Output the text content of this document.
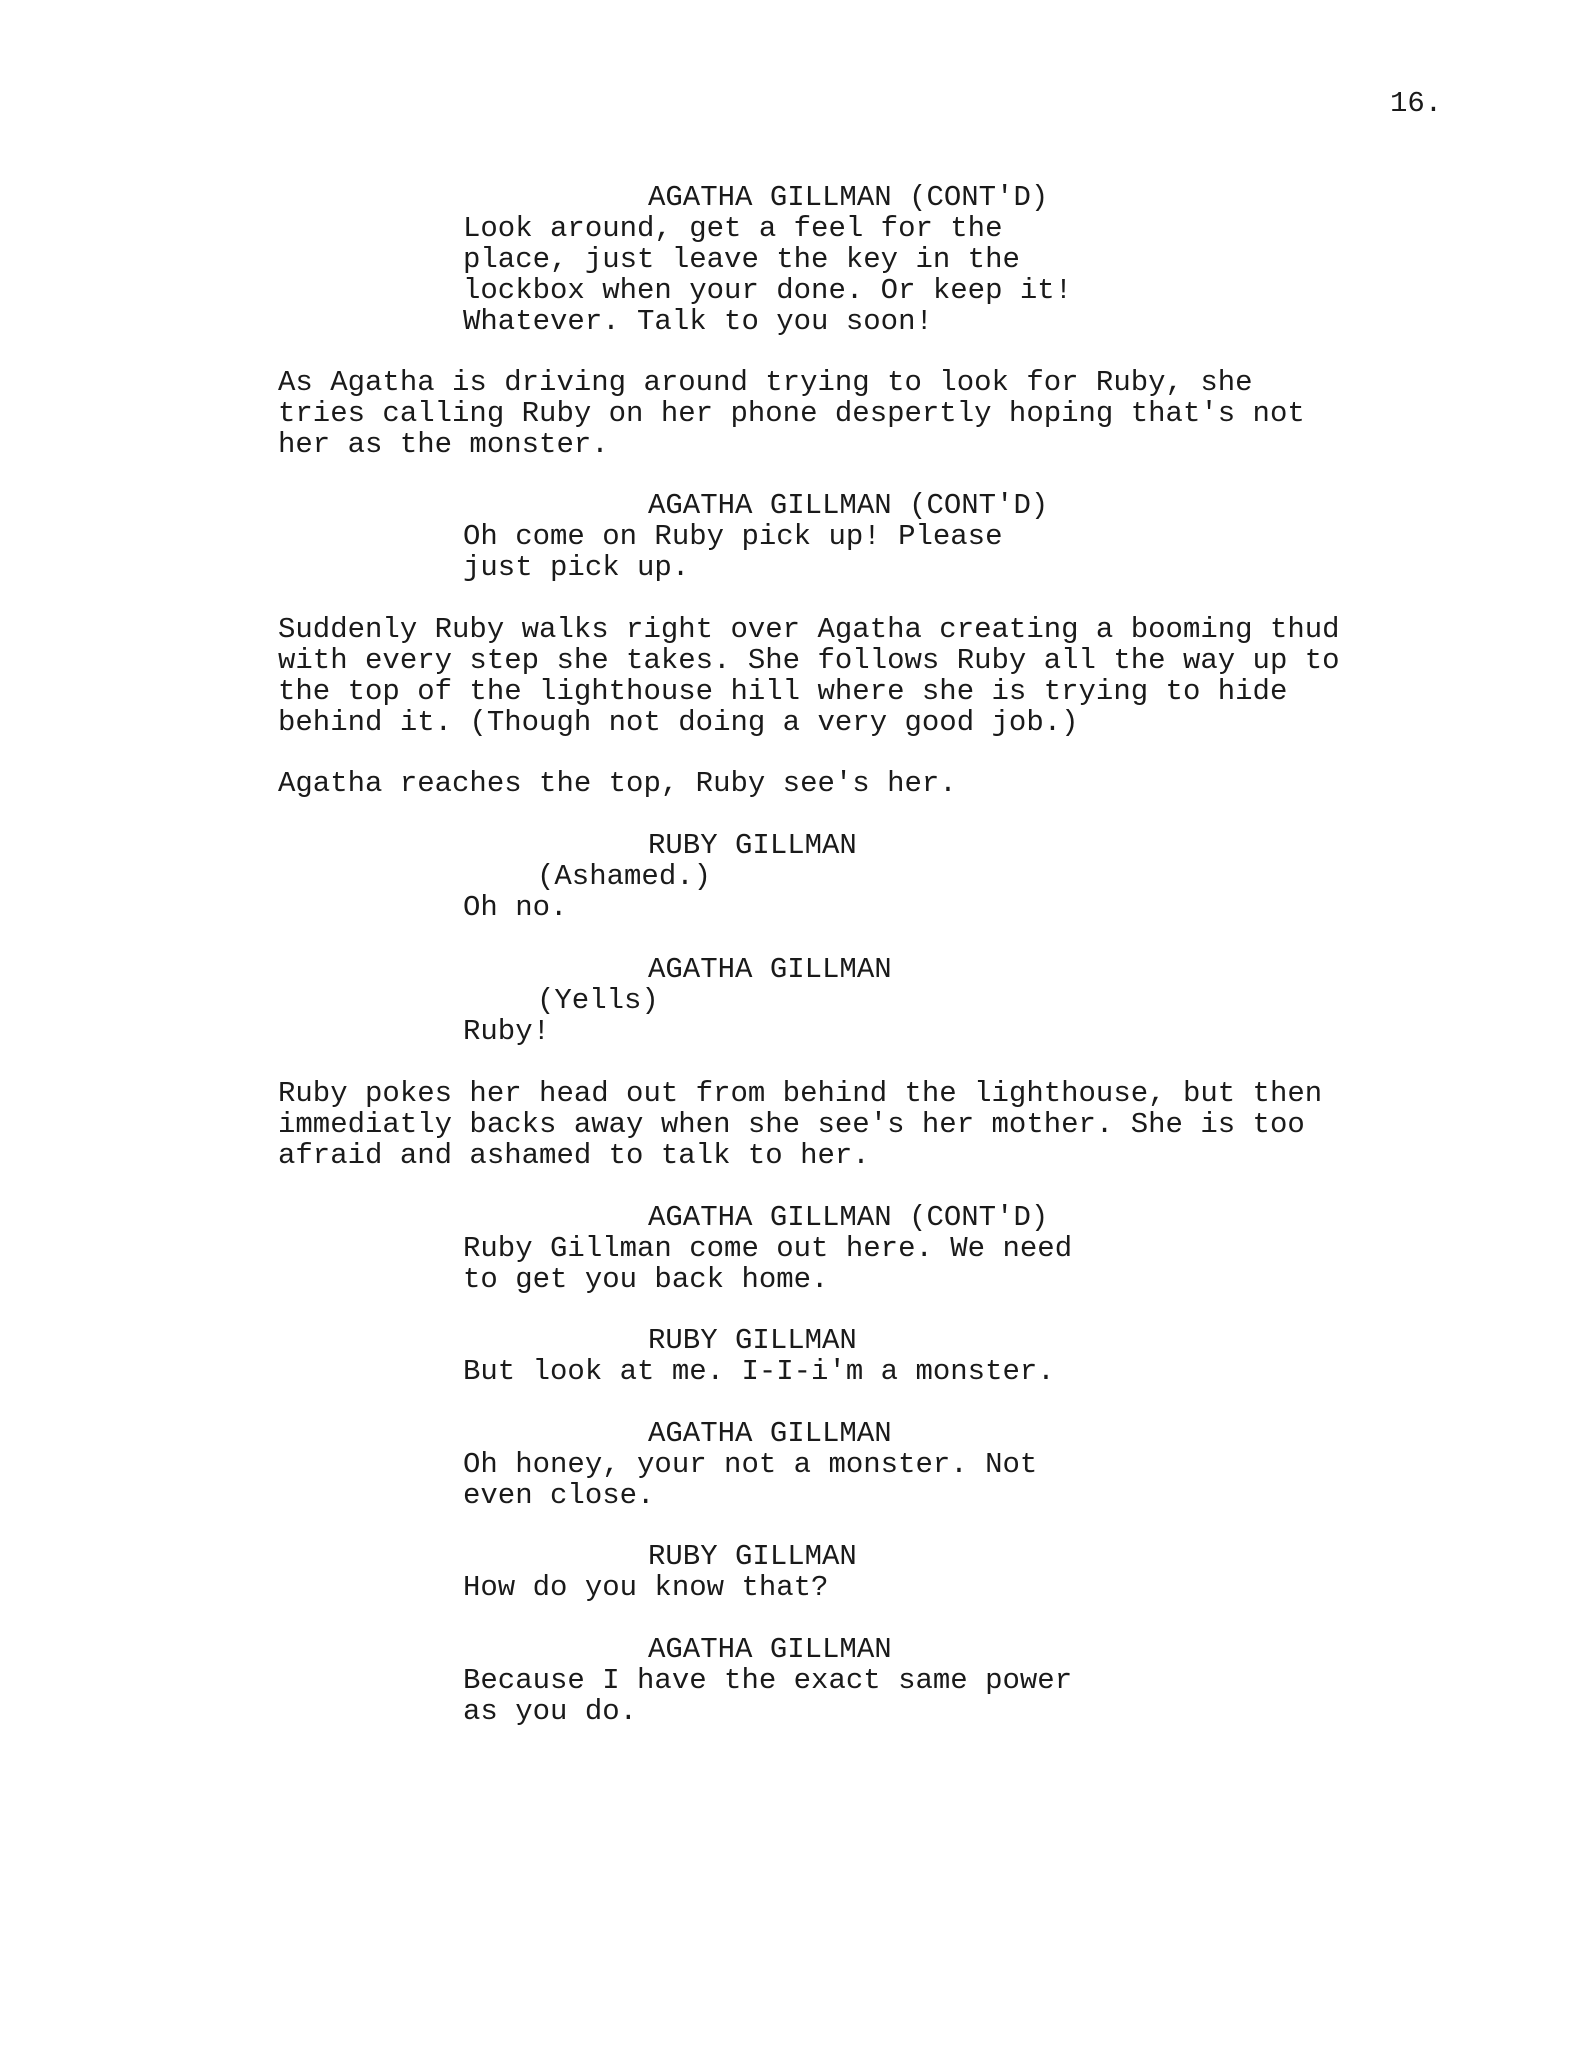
16.
AGATHA GILLMAN (CONT'D)
Look around, get a feel for the
place, just leave the key in the
lockbox when your done. Or keep it!
Whatever. Talk to you soon!
As Agatha is driving around trying to look for Ruby, she
tries calling Ruby on her phone despertly hoping that's not
her as the monster.
AGATHA GILLMAN (CONT'D)
Oh come on Ruby pick up! Please
just pick up.
Suddenly Ruby walks right over Agatha creating a booming thud
with every step she takes. She follows Ruby all the way up to
the top of the lighthouse hill where she is trying to hide
behind it. (Though not doing a very good job.)
Agatha reaches the top, Ruby see's her.
RUBY GILLMAN
(Ashamed.)
Oh no.
AGATHA GILLMAN
(Yells)
Ruby!
Ruby pokes her head out from behind the lighthouse, but then
immediatly backs away when she see's her mother. She is too
afraid and ashamed to talk to her.
AGATHA GILLMAN (CONT'D)
Ruby Gillman come out here. We need
to get you back home.
RUBY GILLMAN
But look at me. I-I-i'm a monster.
AGATHA GILLMAN
Oh honey, your not a monster. Not
even close.
RUBY GILLMAN
How do you know that?
AGATHA GILLMAN
Because I have the exact same power
as you do.
